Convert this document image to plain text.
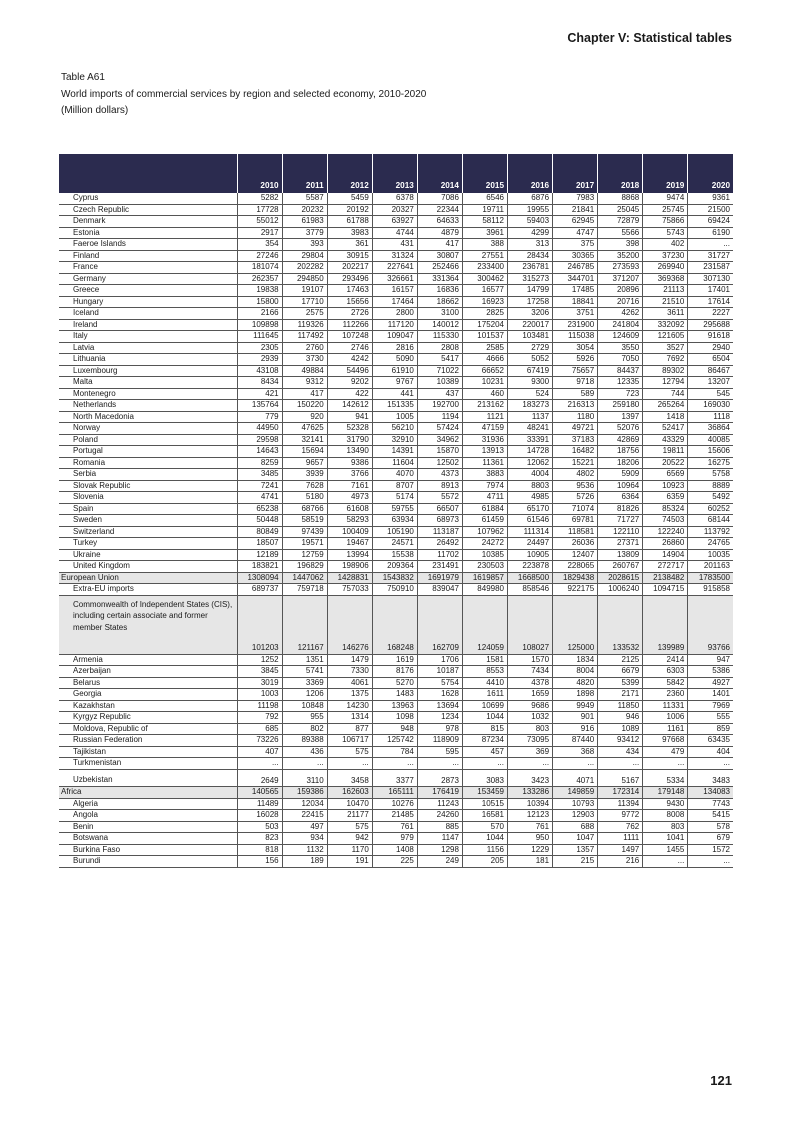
Chapter V: Statistical tables
Table A61
World imports of commercial services by region and selected economy, 2010-2020
(Million dollars)
	2010	2011	2012	2013	2014	2015	2016	2017	2018	2019	2020
Cyprus	5282	5587	5459	6378	7086	6546	6876	7983	8868	9474	9361
Czech Republic	17728	20232	20192	20327	22344	19711	19955	21841	25045	25745	21500
Denmark	55012	61983	61788	63927	64633	58112	59403	62945	72879	75866	69424
Estonia	2917	3779	3983	4744	4879	3961	4299	4747	5566	5743	6190
Faeroe Islands	354	393	361	431	417	388	313	375	398	402	...
Finland	27246	29804	30915	31324	30807	27551	28434	30365	35200	37230	31727
France	181074	202282	202217	227641	252466	233400	236781	246785	273593	269940	231587
Germany	262357	294850	293496	326661	331364	300462	315273	344701	371207	369368	307130
Greece	19838	19107	17463	16157	16836	16577	14799	17485	20896	21113	17401
Hungary	15800	17710	15656	17464	18662	16923	17258	18841	20716	21510	17614
Iceland	2166	2575	2726	2800	3100	2825	3206	3751	4262	3611	2227
Ireland	109898	119326	112266	117120	140012	175204	220017	231900	241804	332092	295688
Italy	111645	117492	107248	109047	115330	101537	103481	115038	124609	121605	91618
Latvia	2305	2760	2746	2816	2808	2585	2729	3054	3550	3527	2940
Lithuania	2939	3730	4242	5090	5417	4666	5052	5926	7050	7692	6504
Luxembourg	43108	49884	54496	61910	71022	66652	67419	75657	84437	89302	86467
Malta	8434	9312	9202	9767	10389	10231	9300	9718	12335	12794	13207
Montenegro	421	417	422	441	437	460	524	589	723	744	545
Netherlands	135764	150220	142612	151335	192700	213162	183273	216313	259180	265264	169030
North Macedonia	779	920	941	1005	1194	1121	1137	1180	1397	1418	1118
Norway	44950	47625	52328	56210	57424	47159	48241	49721	52076	52417	36864
Poland	29598	32141	31790	32910	34962	31936	33391	37183	42869	43329	40085
Portugal	14643	15694	13490	14391	15870	13913	14728	16482	18756	19811	15606
Romania	8259	9657	9386	11604	12502	11361	12062	15221	18206	20522	16275
Serbia	3485	3939	3766	4070	4373	3883	4004	4802	5909	6569	5758
Slovak Republic	7241	7628	7161	8707	8913	7974	8803	9536	10964	10923	8889
Slovenia	4741	5180	4973	5174	5572	4711	4985	5726	6364	6359	5492
Spain	65238	68766	61608	59755	66507	61884	65170	71074	81826	85324	60252
Sweden	50448	58519	58293	63934	68973	61459	61546	69781	71727	74503	68144
Switzerland	80849	97439	100409	105190	113187	107962	111314	118581	122110	122240	113792
Turkey	18507	19571	19467	24571	26492	24272	24497	26036	27371	26860	24765
Ukraine	12189	12759	13994	15538	11702	10385	10905	12407	13809	14904	10035
United Kingdom	183821	196829	198906	209364	231491	230503	223878	228065	260767	272717	201163
European Union	1308094	1447062	1428831	1543832	1691979	1619857	1668500	1829438	2028615	2138482	1783500
Extra-EU imports	689737	759718	757033	750910	839047	849980	858546	922175	1006240	1094715	915858
Commonwealth of Independent States (CIS), including certain associate and former member States	101203	121167	146276	168248	162709	124059	108027	125000	133532	139989	93766
Armenia	1252	1351	1479	1619	1706	1581	1570	1834	2125	2414	947
Azerbaijan	3845	5741	7330	8176	10187	8553	7434	8004	6679	6303	5386
Belarus	3019	3369	4061	5270	5754	4410	4378	4820	5399	5842	4927
Georgia	1003	1206	1375	1483	1628	1611	1659	1898	2171	2360	1401
Kazakhstan	11198	10848	14230	13963	13694	10699	9686	9949	11850	11331	7969
Kyrgyz Republic	792	955	1314	1098	1234	1044	1032	901	946	1006	555
Moldova, Republic of	685	802	877	948	978	815	803	916	1089	1161	859
Russian Federation	73226	89388	106717	125742	118909	87234	73095	87440	93412	97668	63435
Tajikistan	407	436	575	784	595	457	369	368	434	479	404
Turkmenistan	...	...	...	...	...	...	...	...	...	...	...
Uzbekistan	2649	3110	3458	3377	2873	3083	3423	4071	5167	5334	3483
Africa	140565	159386	162603	165111	176419	153459	133286	149859	172314	179148	134083
Algeria	11489	12034	10470	10276	11243	10515	10394	10793	11394	9430	7743
Angola	16028	22415	21177	21485	24260	16581	12123	12903	9772	8008	5415
Benin	503	497	575	761	885	570	761	688	762	803	578
Botswana	823	934	942	979	1147	1044	950	1047	1111	1041	679
Burkina Faso	818	1132	1170	1408	1298	1156	1229	1357	1497	1455	1572
Burundi	156	189	191	225	249	205	181	215	216	...	...
121
